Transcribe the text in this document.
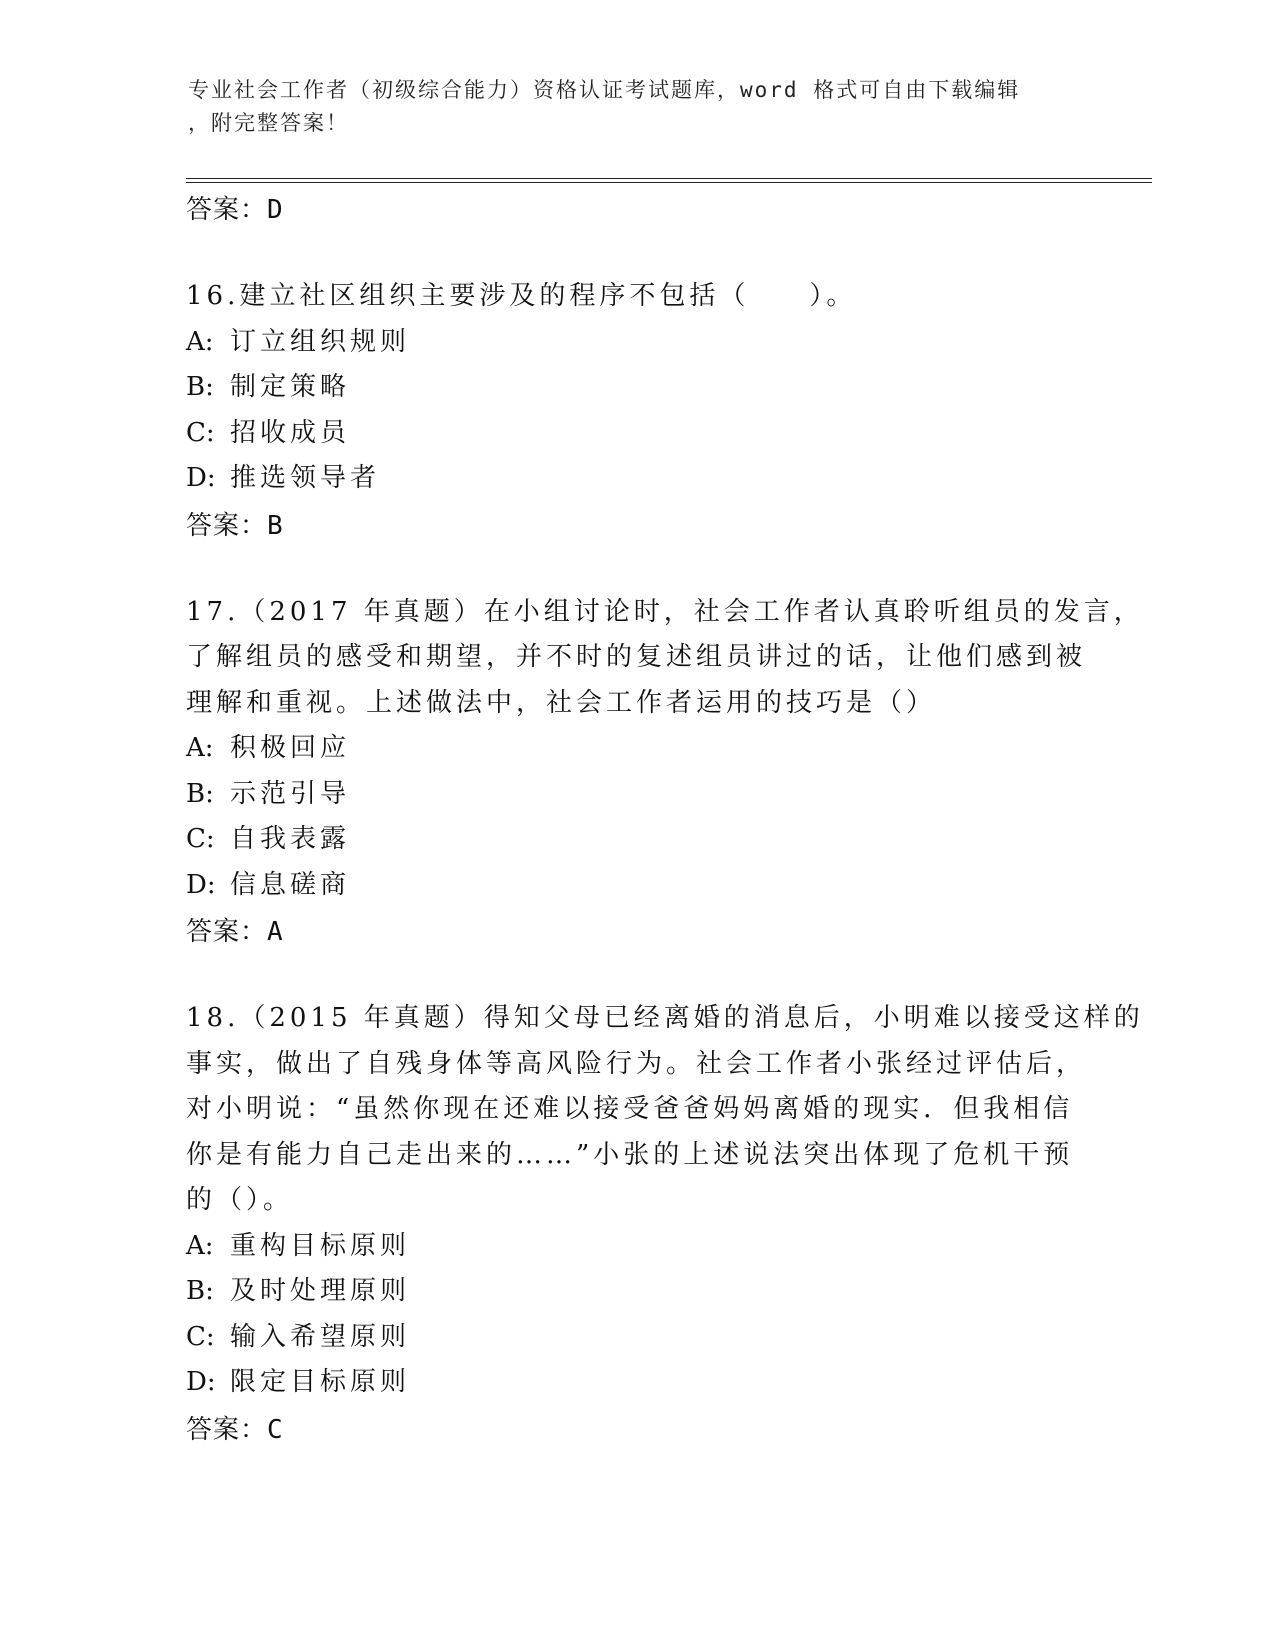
专业社会工作者（初级综合能力）资格认证考试题库，word 格式可自由下载编辑
，附完整答案！
答案：D
16.建立社区组织主要涉及的程序不包括（　　）。
A: 订立组织规则
B: 制定策略
C: 招收成员
D: 推选领导者
答案：B
17.（2017 年真题）在小组讨论时，社会工作者认真聆听组员的发言，
了解组员的感受和期望，并不时的复述组员讲过的话，让他们感到被
理解和重视。上述做法中，社会工作者运用的技巧是（）
A: 积极回应
B: 示范引导
C: 自我表露
D: 信息磋商
答案：A
18.（2015 年真题）得知父母已经离婚的消息后，小明难以接受这样的
事实，做出了自残身体等高风险行为。社会工作者小张经过评估后，
对小明说：“虽然你现在还难以接受爸爸妈妈离婚的现实．但我相信
你是有能力自己走出来的……”小张的上述说法突出体现了危机干预
的（）。
A: 重构目标原则
B: 及时处理原则
C: 输入希望原则
D: 限定目标原则
答案：C
